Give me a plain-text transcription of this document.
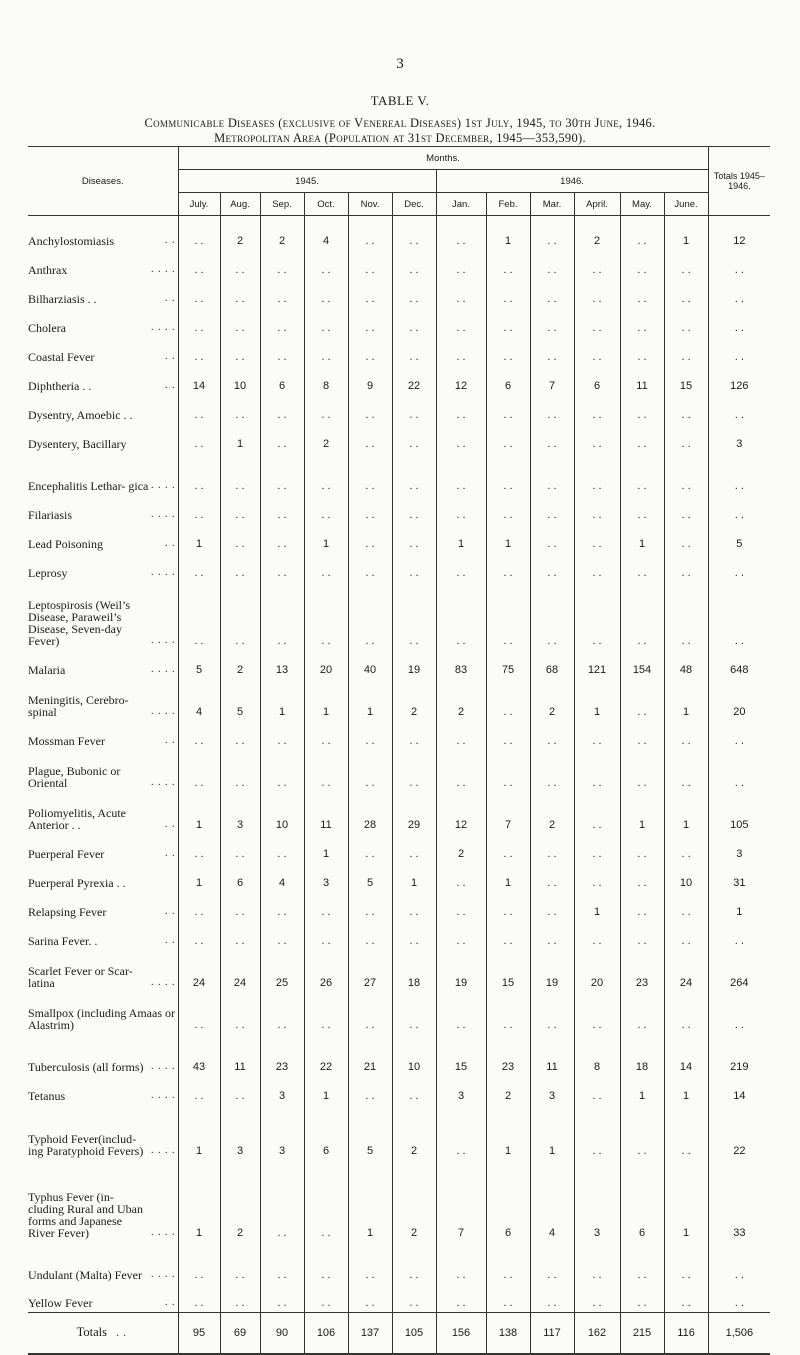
3
TABLE V.
Communicable Diseases (exclusive of Venereal Diseases) 1st July, 1945, to 30th June, 1946.
Metropolitan Area (Population at 31st December, 1945—353,590).
Diseases.	Months.												Totals 1945– 1946.
	1945.						1946.						
	July.	Aug.	Sep.	Oct.	Nov.	Dec.	Jan.	Feb.	Mar.	April.	May.	June.	

Anchylostomiasis . .	. .	2	2	4	. .	. .	. .	1	. .	2	. .	1	12

Anthrax . . . .	. .	. .	. .	. .	. .	. .	. .	. .	. .	. .	. .	. .	. .

Bilharziasis . . . .	. .	. .	. .	. .	. .	. .	. .	. .	. .	. .	. .	. .	. .

Cholera . . . .	. .	. .	. .	. .	. .	. .	. .	. .	. .	. .	. .	. .	. .

Coastal Fever . .	. .	. .	. .	. .	. .	. .	. .	. .	. .	. .	. .	. .	. .

Diphtheria . . . .	14	10	6	8	9	22	12	6	7	6	11	15	126

Dysentry, Amoebic . .	. .	. .	. .	. .	. .	. .	. .	. .	. .	. .	. .	. .	. .

Dysentery, Bacillary	. .	1	. .	2	. .	. .	. .	. .	. .	. .	. .	. .	3

Encephalitis Lethar- gica . . . .	. .	. .	. .	. .	. .	. .	. .	. .	. .	. .	. .	. .	. .

Filariasis . . . .	. .	. .	. .	. .	. .	. .	. .	. .	. .	. .	. .	. .	. .

Lead Poisoning . .	1	. .	. .	1	. .	. .	1	1	. .	. .	1	. .	5

Leprosy . . . .	. .	. .	. .	. .	. .	. .	. .	. .	. .	. .	. .	. .	. .

Leptospirosis (Weil’s Disease, Paraweil’s Disease, Seven-day Fever) . . . .	. .	. .	. .	. .	. .	. .	. .	. .	. .	. .	. .	. .	. .

Malaria . . . .	5	2	13	20	40	19	83	75	68	121	154	48	648

Meningitis, Cerebro- spinal . . . .	4	5	1	1	1	2	2	. .	2	1	. .	1	20

Mossman Fever . .	. .	. .	. .	. .	. .	. .	. .	. .	. .	. .	. .	. .	. .

Plague, Bubonic or Oriental . . . .	. .	. .	. .	. .	. .	. .	. .	. .	. .	. .	. .	. .	. .

Poliomyelitis, Acute Anterior . . . .	1	3	10	11	28	29	12	7	2	. .	1	1	105

Puerperal Fever . .	. .	. .	. .	1	. .	. .	2	. .	. .	. .	. .	. .	3

Puerperal Pyrexia . .	1	6	4	3	5	1	. .	1	. .	. .	. .	10	31

Relapsing Fever . .	. .	. .	. .	. .	. .	. .	. .	. .	. .	1	. .	. .	1

Sarina Fever. . . .	. .	. .	. .	. .	. .	. .	. .	. .	. .	. .	. .	. .	. .

Scarlet Fever or Scar- latina . . . .	24	24	25	26	27	18	19	15	19	20	23	24	264

Smallpox (including Amaas or Alastrim)	. .	. .	. .	. .	. .	. .	. .	. .	. .	. .	. .	. .	. .

Tuberculosis (all forms) . . . .	43	11	23	22	21	10	15	23	11	8	18	14	219

Tetanus . . . .	. .	. .	3	1	. .	. .	3	2	3	. .	1	1	14

Typhoid Fever(includ- ing Paratyphoid Fevers) . . . .	1	3	3	6	5	2	. .	1	1	. .	. .	. .	22

Typhus Fever (in- cluding Rural and Uban forms and Japanese River Fever) . . . .	1	2	. .	. .	1	2	7	6	4	3	6	1	33

Undulant (Malta) Fever . . . .	. .	. .	. .	. .	. .	. .	. .	. .	. .	. .	. .	. .	. .

Yellow Fever . .	. .	. .	. .	. .	. .	. .	. .	. .	. .	. .	. .	. .	. .
Totals . .	95	69	90	106	137	105	156	138	117	162	215	116	1,506
